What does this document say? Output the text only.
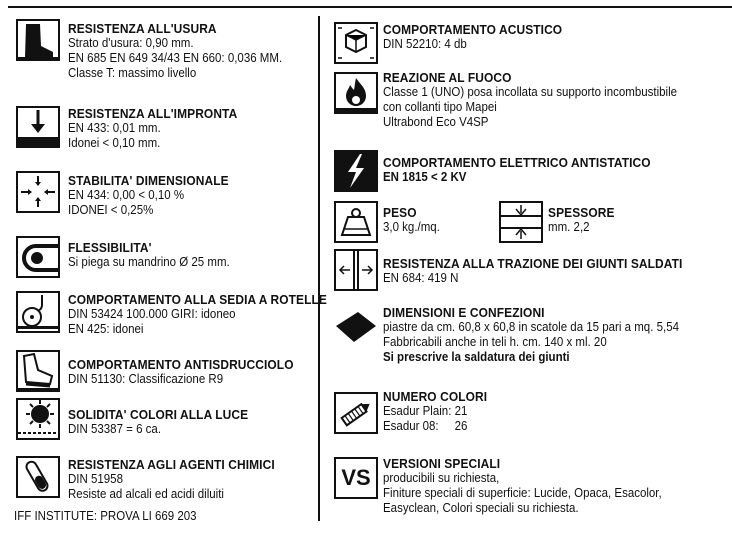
RESISTENZA ALL'USURA
Strato d'usura: 0,90 mm.
EN 685 EN 649 34/43 EN 660: 0,036 MM.
Classe T: massimo livello
RESISTENZA ALL'IMPRONTA
EN 433: 0,01 mm.
Idonei < 0,10 mm.
STABILITA' DIMENSIONALE
EN 434: 0,00 < 0,10 %
IDONEI < 0,25%
FLESSIBILITA'
Si piega su mandrino Ø 25 mm.
COMPORTAMENTO ALLA SEDIA A ROTELLE
DIN 53424 100.000 GIRI: idoneo
EN 425: idonei
COMPORTAMENTO ANTISDRUCCIOLO
DIN 51130: Classificazione R9
SOLIDITA' COLORI ALLA LUCE
DIN 53387 = 6 ca.
RESISTENZA AGLI AGENTI CHIMICI
DIN 51958
Resiste ad alcali ed acidi diluiti
IFF INSTITUTE: PROVA LI 669 203
COMPORTAMENTO ACUSTICO
DIN 52210: 4 db
REAZIONE AL FUOCO
Classe 1 (UNO) posa incollata su supporto incombustibile
con collanti tipo Mapei
Ultrabond Eco V4SP
COMPORTAMENTO ELETTRICO ANTISTATICO
EN 1815 < 2 KV
PESO
3,0 kg./mq.
SPESSORE
mm. 2,2
RESISTENZA ALLA TRAZIONE DEI GIUNTI SALDATI
EN 684: 419 N
DIMENSIONI E CONFEZIONI
piastre da cm. 60,8 x 60,8 in scatole da 15 pari a mq. 5,54
Fabbricabili anche in teli h. cm. 140 x ml. 20
Si prescrive la saldatura dei giunti
NUMERO COLORI
Esadur Plain: 21
Esadur 08:     26
VS
VERSIONI SPECIALI
producibili su richiesta,
Finiture speciali di superficie: Lucide, Opaca, Esacolor,
Easyclean, Colori speciali su richiesta.
